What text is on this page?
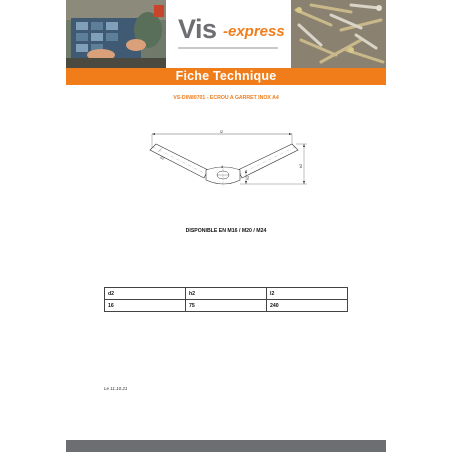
Vis -express
Fiche Technique
VS-DIN80701 - ECROU A GARRET INOX A4
l2
d
d2
h1
h2
DISPONIBLE EN M16 / M20 / M24
d2	h2	l2
16	75	240
Le 11.10.21
